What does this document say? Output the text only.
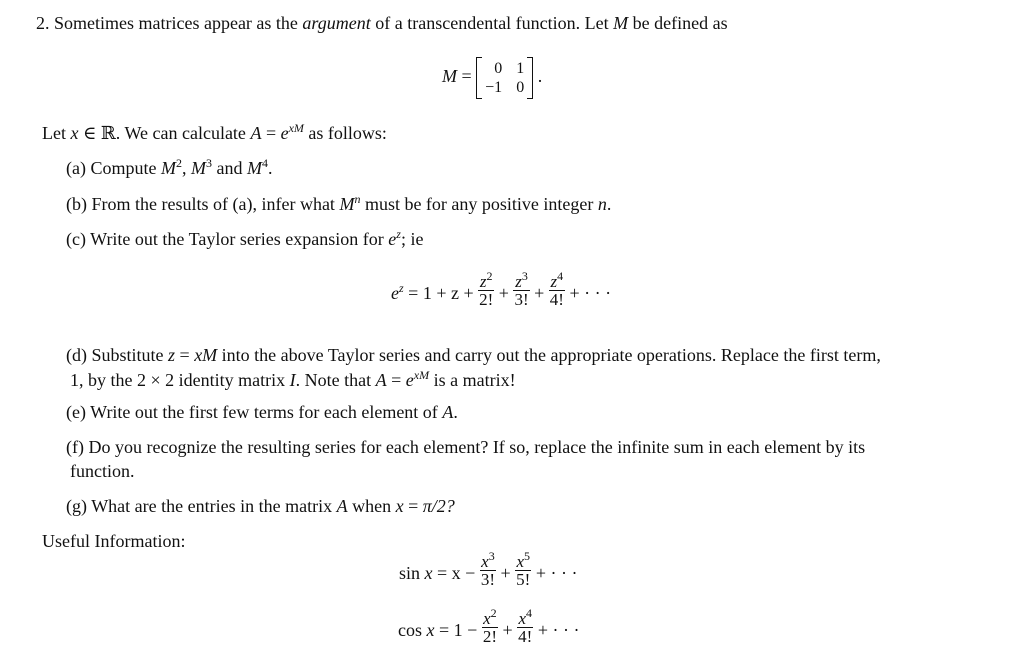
2. Sometimes matrices appear as the argument of a transcendental function. Let M be defined as
M =	0 1
−1 0
.
Let x ∈ ℝ. We can calculate $A = e^{xM}$ as follows:
(a) Compute $M^2$, $M^3$ and $M^4$.
(b) From the results of (a), infer what $M^n$ must be for any positive integer n.
(c) Write out the Taylor series expansion for $e^z$; ie
$e^z = 1 + z + \frac{z^2}{2!} + \frac{z^3}{3!} + \frac{z^4}{4!}$ + · · ·
(d) Substitute z = xM into the above Taylor series and carry out the appropriate operations. Replace the first term,
1, by the 2 × 2 identity matrix I. Note that $A = e^{xM}$ is a matrix!
(e) Write out the first few terms for each element of A.
(f) Do you recognize the resulting series for each element? If so, replace the infinite sum in each element by its
function.
(g) What are the entries in the matrix A when x = π/2?
Useful Information:
$\sin x = x - \frac{x^3}{3!} + \frac{x^5}{5!}$ + · · ·
$\cos x = 1 - \frac{x^2}{2!} + \frac{x^4}{4!}$ + · · ·
